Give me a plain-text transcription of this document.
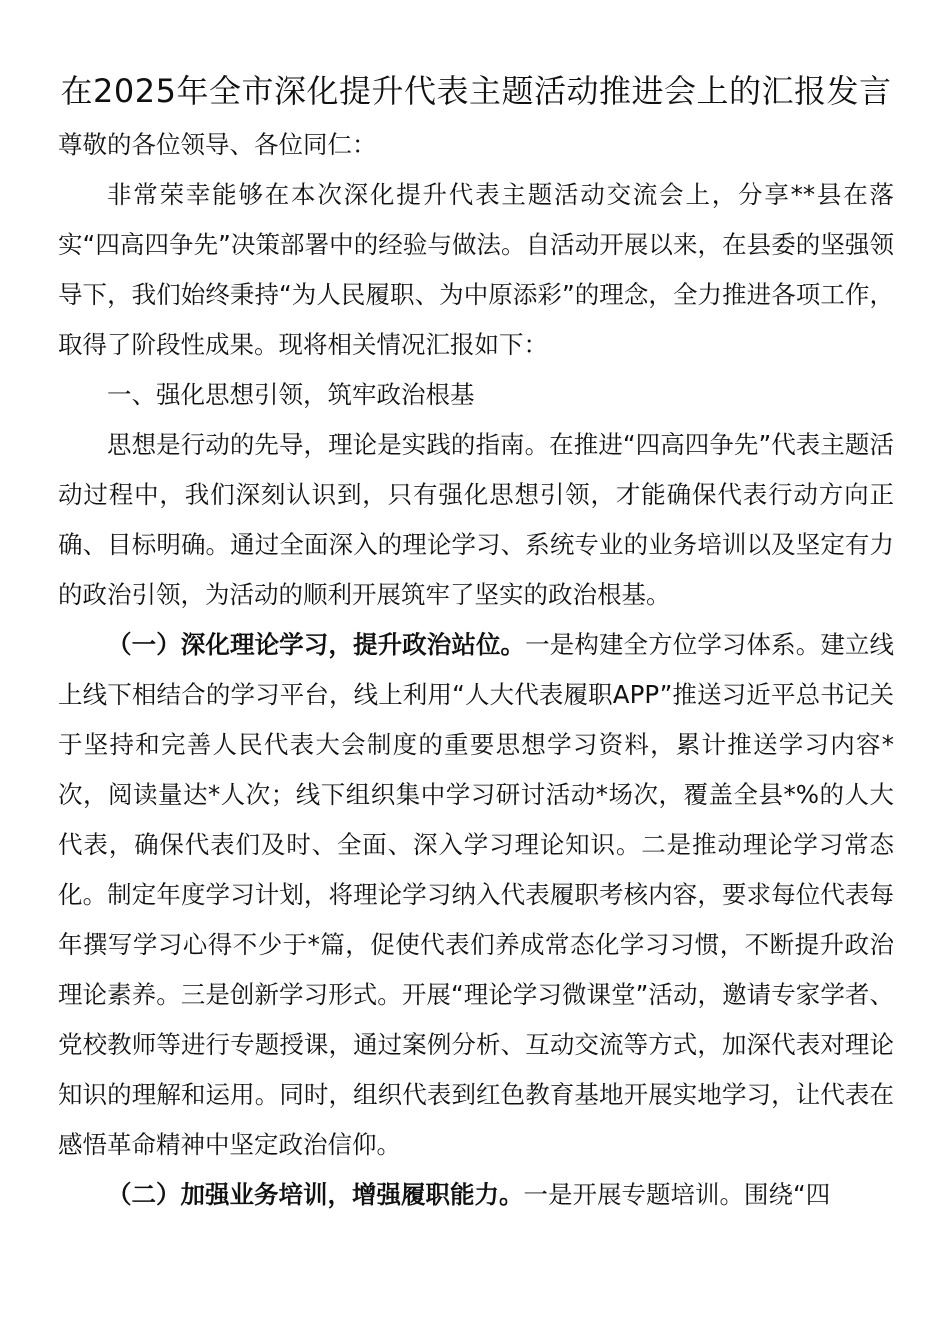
在2025年全市深化提升代表主题活动推进会上的汇报发言

尊敬的各位领导、各位同仁：

非常荣幸能够在本次深化提升代表主题活动交流会上，分享**县在落实“四高四争先”决策部署中的经验与做法。自活动开展以来，在县委的坚强领导下，我们始终秉持“为人民履职、为中原添彩”的理念，全力推进各项工作，取得了阶段性成果。现将相关情况汇报如下：

一、强化思想引领，筑牢政治根基

思想是行动的先导，理论是实践的指南。在推进“四高四争先”代表主题活动过程中，我们深刻认识到，只有强化思想引领，才能确保代表行动方向正确、目标明确。通过全面深入的理论学习、系统专业的业务培训以及坚定有力的政治引领，为活动的顺利开展筑牢了坚实的政治根基。

（一）深化理论学习，提升政治站位。一是构建全方位学习体系。建立线上线下相结合的学习平台，线上利用“人大代表履职APP”推送习近平总书记关于坚持和完善人民代表大会制度的重要思想学习资料，累计推送学习内容*次，阅读量达*人次；线下组织集中学习研讨活动*场次，覆盖全县*%的人大代表，确保代表们及时、全面、深入学习理论知识。二是推动理论学习常态化。制定年度学习计划，将理论学习纳入代表履职考核内容，要求每位代表每年撰写学习心得不少于*篇，促使代表们养成常态化学习习惯，不断提升政治理论素养。三是创新学习形式。开展“理论学习微课堂”活动，邀请专家学者、党校教师等进行专题授课，通过案例分析、互动交流等方式，加深代表对理论知识的理解和运用。同时，组织代表到红色教育基地开展实地学习，让代表在感悟革命精神中坚定政治信仰。

（二）加强业务培训，增强履职能力。一是开展专题培训。围绕“四
